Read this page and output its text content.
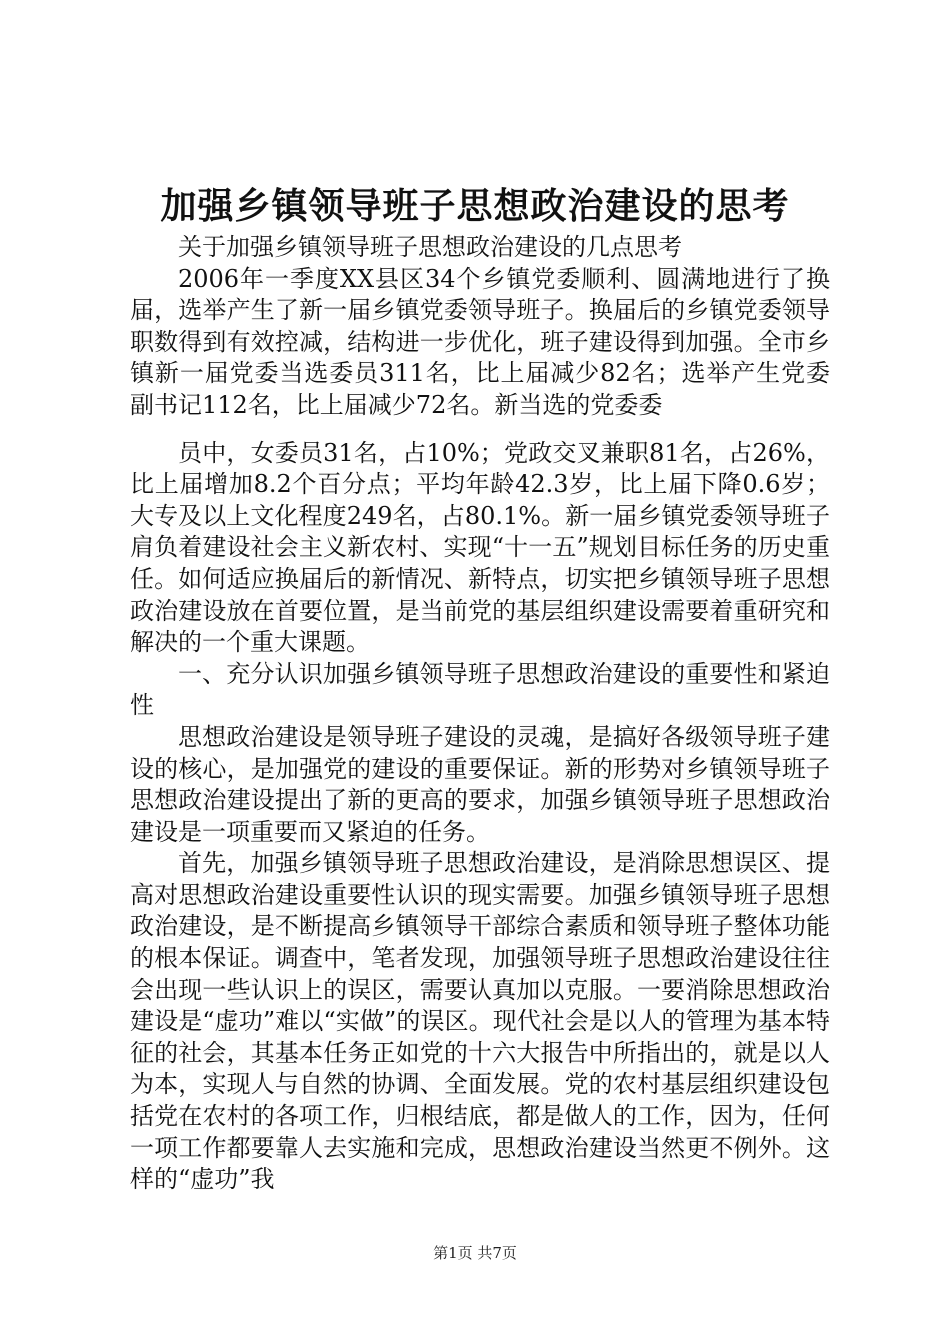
加强乡镇领导班子思想政治建设的思考

关于加强乡镇领导班子思想政治建设的几点思考

2006年一季度XX县区34个乡镇党委顺利、圆满地进行了换届，选举产生了新一届乡镇党委领导班子。换届后的乡镇党委领导职数得到有效控减，结构进一步优化，班子建设得到加强。全市乡镇新一届党委当选委员311名，比上届减少82名；选举产生党委副书记112名，比上届减少72名。新当选的党委委

员中，女委员31名，占10%；党政交叉兼职81名，占26%，比上届增加8.2个百分点；平均年龄42.3岁，比上届下降0.6岁；大专及以上文化程度249名，占80.1%。新一届乡镇党委领导班子肩负着建设社会主义新农村、实现“十一五”规划目标任务的历史重任。如何适应换届后的新情况、新特点，切实把乡镇领导班子思想政治建设放在首要位置，是当前党的基层组织建设需要着重研究和解决的一个重大课题。

一、充分认识加强乡镇领导班子思想政治建设的重要性和紧迫性

思想政治建设是领导班子建设的灵魂，是搞好各级领导班子建设的核心，是加强党的建设的重要保证。新的形势对乡镇领导班子思想政治建设提出了新的更高的要求，加强乡镇领导班子思想政治建设是一项重要而又紧迫的任务。

首先，加强乡镇领导班子思想政治建设，是消除思想误区、提高对思想政治建设重要性认识的现实需要。加强乡镇领导班子思想政治建设，是不断提高乡镇领导干部综合素质和领导班子整体功能的根本保证。调查中，笔者发现，加强领导班子思想政治建设往往会出现一些认识上的误区，需要认真加以克服。一要消除思想政治建设是“虚功”难以“实做”的误区。现代社会是以人的管理为基本特征的社会，其基本任务正如党的十六大报告中所指出的，就是以人为本，实现人与自然的协调、全面发展。党的农村基层组织建设包括党在农村的各项工作，归根结底，都是做人的工作，因为，任何一项工作都要靠人去实施和完成，思想政治建设当然更不例外。这样的“虚功”我

第1页 共7页
